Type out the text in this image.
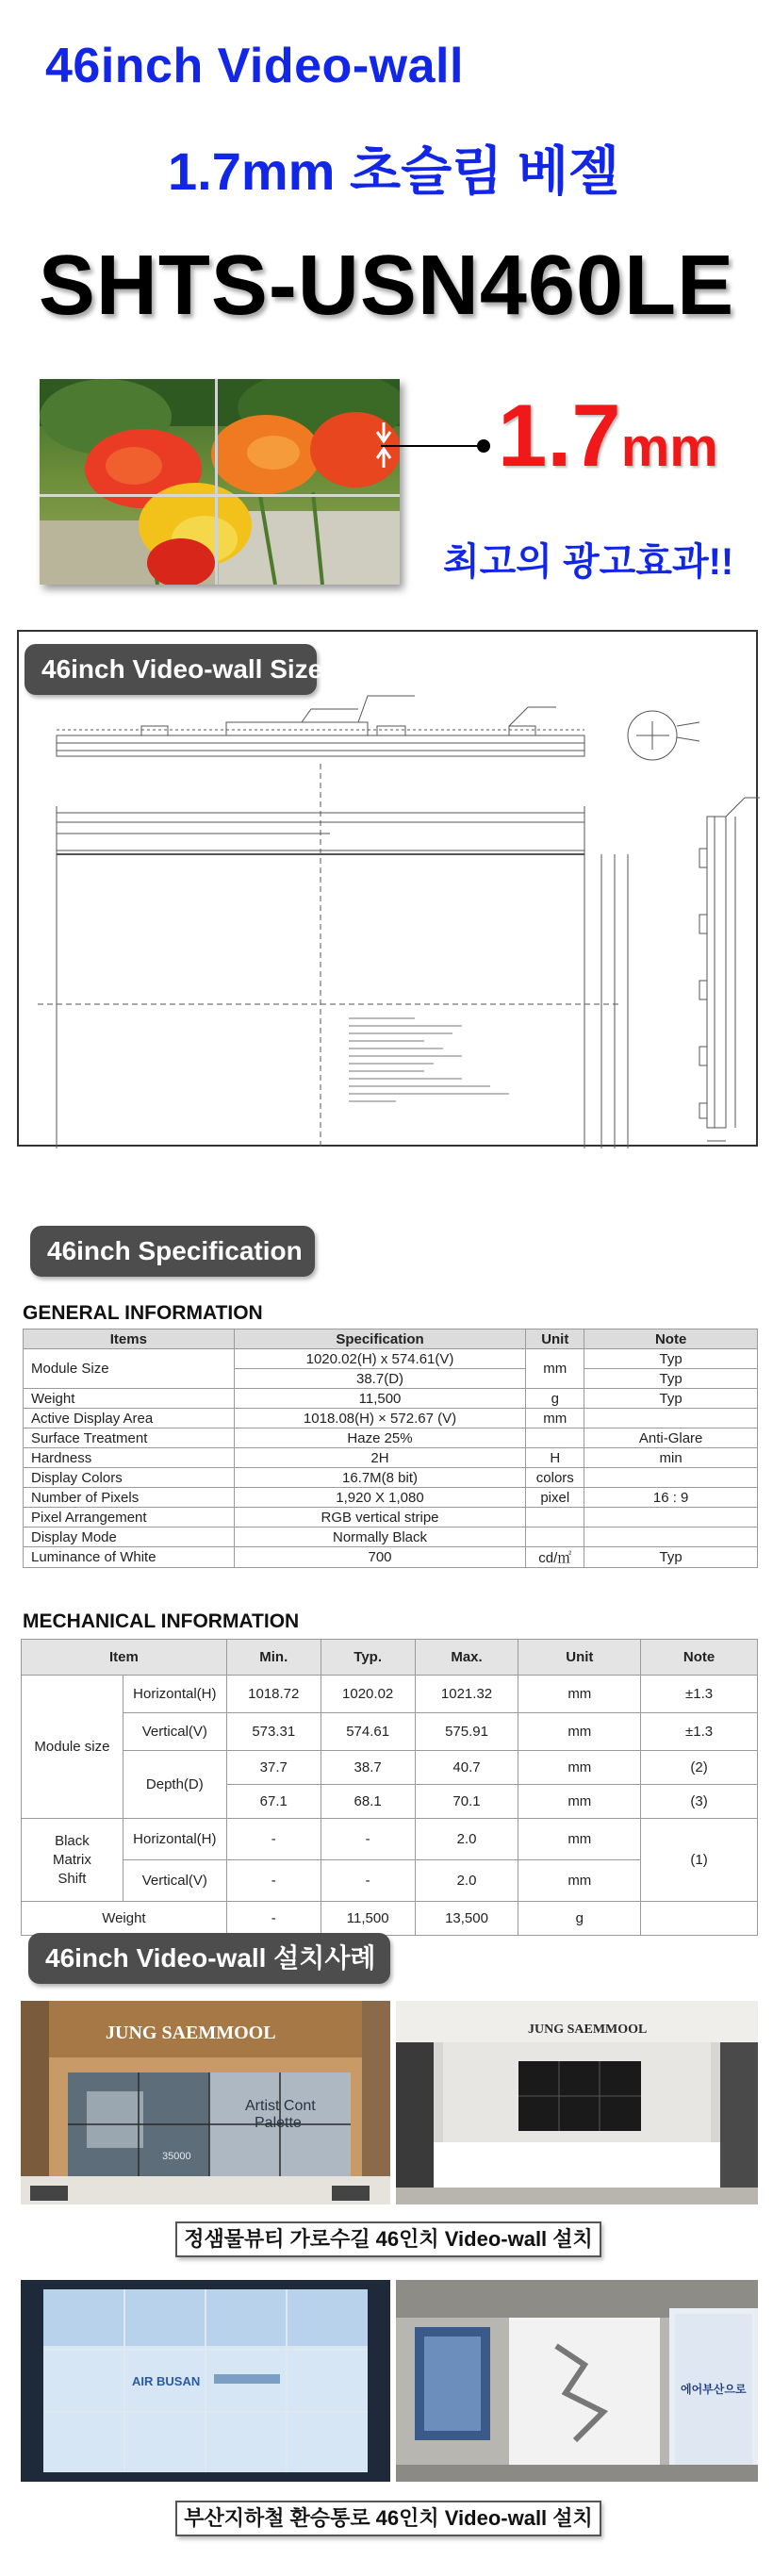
46inch Video-wall
1.7mm 초슬림 베젤
SHTS-USN460LE
1.7mm
최고의 광고효과!!
46inch Video-wall Size
46inch Specification
GENERAL INFORMATION
Items	Specification	Unit	Note
Module Size	1020.02(H) x 574.61(V)	mm	Typ
	38.7(D)		Typ
Weight	11,500	g	Typ
Active Display Area	1018.08(H) × 572.67 (V)	mm	
Surface Treatment	Haze 25%		Anti-Glare
Hardness	2H	H	min
Display Colors	16.7M(8 bit)	colors	
Number of Pixels	1,920 X 1,080	pixel	16 : 9
Pixel Arrangement	RGB vertical stripe		
Display Mode	Normally Black		
Luminance of White	700	cd/㎡	Typ
MECHANICAL INFORMATION
Item		Min.	Typ.	Max.	Unit	Note
Module size	Horizontal(H)	1018.72	1020.02	1021.32	mm	±1.3
	Vertical(V)	573.31	574.61	575.91	mm	±1.3
	Depth(D)	37.7	38.7	40.7	mm	(2)
		67.1	68.1	70.1	mm	(3)
Black
Matrix
Shift	Horizontal(H)	-	-	2.0	mm	(1)
	Vertical(V)	-	-	2.0	mm	
Weight		-	11,500	13,500	g	
46inch Video-wall 설치사례
JUNG SAEMMOOL
Artist Cont
Palette
35000
JUNG SAEMMOOL
정샘물뷰티 가로수길 46인치 Video-wall 설치
AIR BUSAN
에어부산으로
부산지하철 환승통로 46인치 Video-wall 설치
